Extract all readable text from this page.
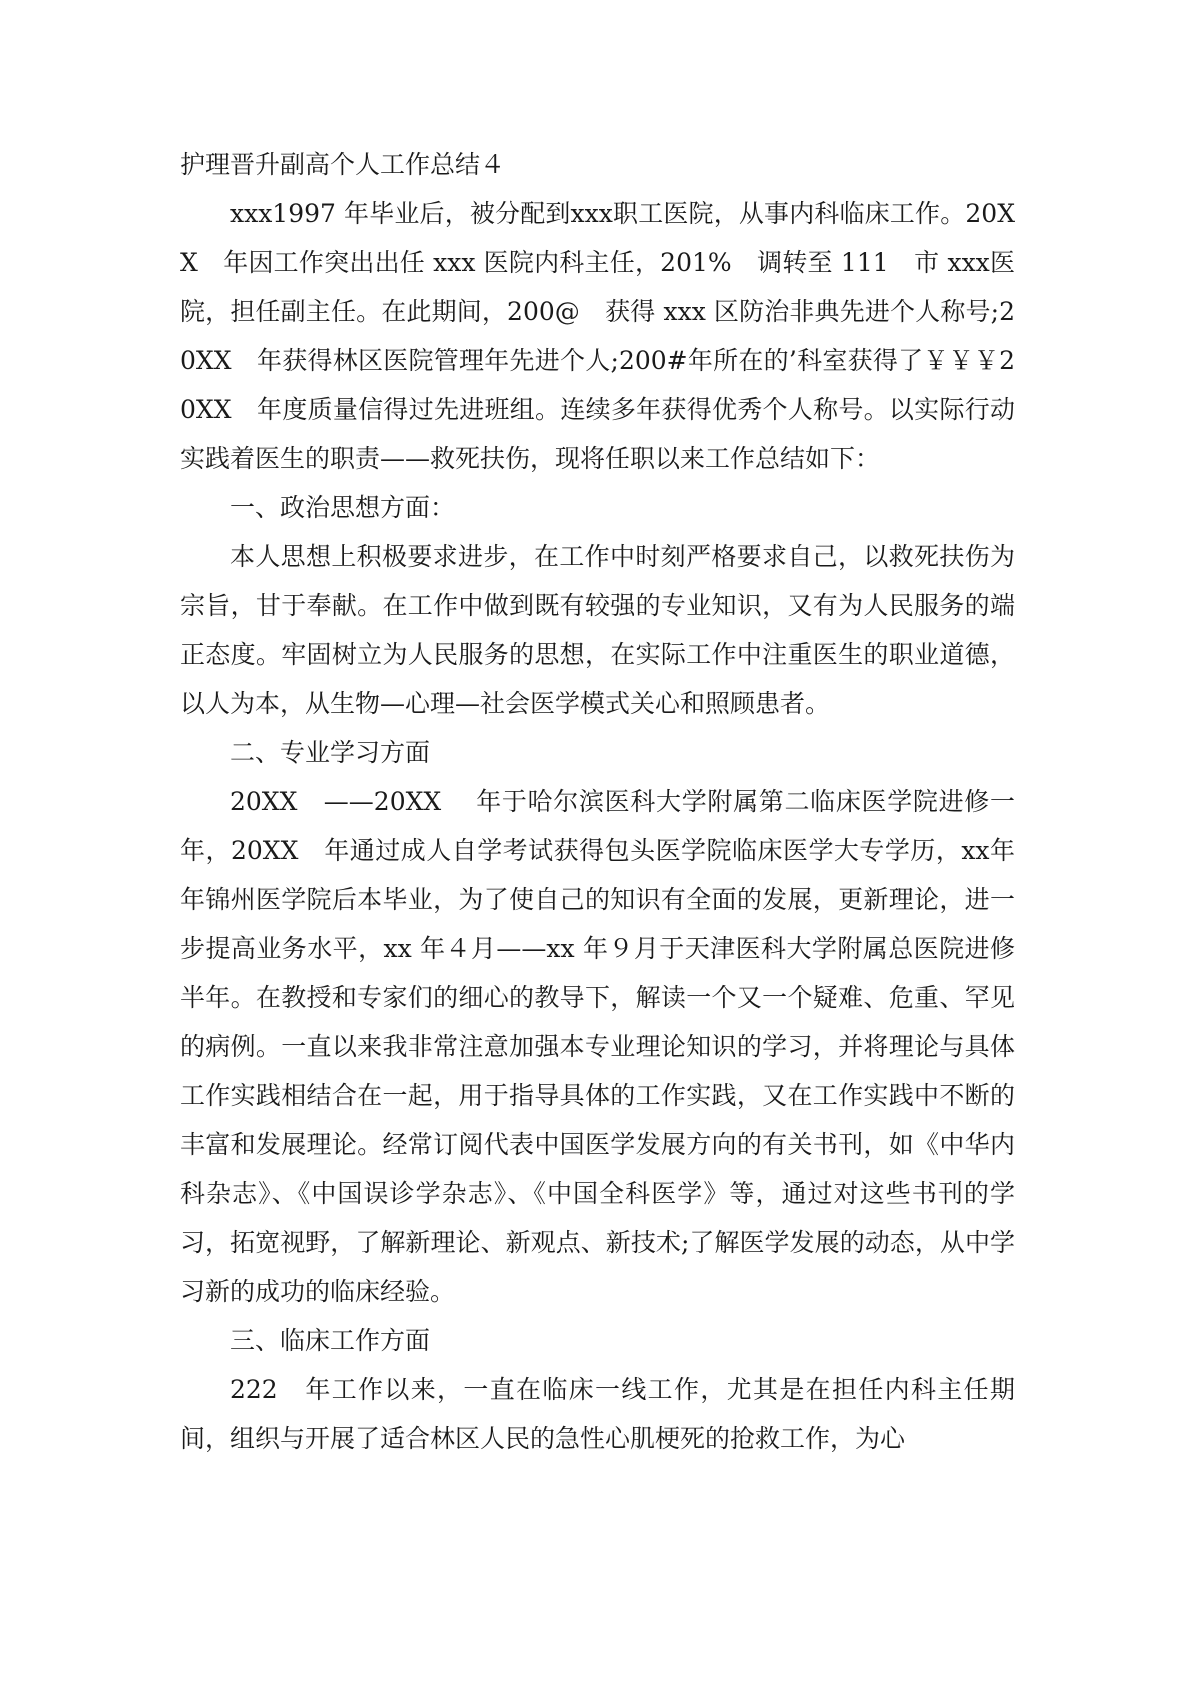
护理晋升副高个人工作总结４

xxx1997 年毕业后，被分配到xxx职工医院，从事内科临床工作。20XX　年因工作突出出任 xxx 医院内科主任，201%　调转至 111　市 xxx医院，担任副主任。在此期间，200@　获得 xxx 区防治非典先进个人称号;20XX　年获得林区医院管理年先进个人;200#年所在的’科室获得了￥￥￥20XX　年度质量信得过先进班组。连续多年获得优秀个人称号。以实际行动实践着医生的职责——救死扶伤，现将任职以来工作总结如下：

一、政治思想方面：

本人思想上积极要求进步，在工作中时刻严格要求自己，以救死扶伤为宗旨，甘于奉献。在工作中做到既有较强的专业知识，又有为人民服务的端正态度。牢固树立为人民服务的思想，在实际工作中注重医生的职业道德，以人为本，从生物—心理—社会医学模式关心和照顾患者。

二、专业学习方面

20XX　——20XX　 年于哈尔滨医科大学附属第二临床医学院进修一年，20XX　年通过成人自学考试获得包头医学院临床医学大专学历，xx年年锦州医学院后本毕业，为了使自己的知识有全面的发展，更新理论，进一步提高业务水平，xx 年４月——xx 年９月于天津医科大学附属总医院进修半年。在教授和专家们的细心的教导下，解读一个又一个疑难、危重、罕见的病例。一直以来我非常注意加强本专业理论知识的学习，并将理论与具体工作实践相结合在一起，用于指导具体的工作实践，又在工作实践中不断的丰富和发展理论。经常订阅代表中国医学发展方向的有关书刊，如《中华内科杂志》、《中国误诊学杂志》、《中国全科医学》等，通过对这些书刊的学习，拓宽视野，了解新理论、新观点、新技术;了解医学发展的动态，从中学习新的成功的临床经验。

三、临床工作方面

222　年工作以来，一直在临床一线工作，尤其是在担任内科主任期间，组织与开展了适合林区人民的急性心肌梗死的抢救工作，为心
